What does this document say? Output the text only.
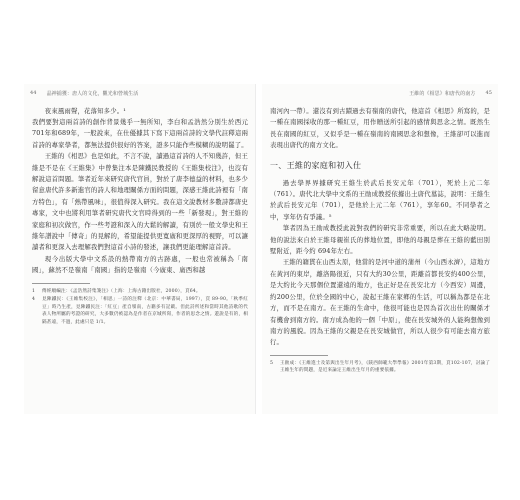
44 晶神捕獲：唐人的文化，觀光和營城生活

夜來風雨聲，花落知多少。¹

我們要對這兩首詩的創作背景幾乎一無所知，李白和孟浩然分別生於西元701年和689年，一般說來，在仕優據其下寫下這兩首詩的文學代註釋這兩首詩的專家學者，都無法提供很好的答案，證多只能作些模糊的說明罷了。

王維的《相思》也是如此，不言不說，讀過這首詩的人不知幾許，但王維是不是在《王維集》中曾集注本是陳鐵民教授的《王維集校注》，也沒有解說這首問題。筆者近年來研究唐代官員，對於了唐李德益的材料，也多少留意唐代許多新進官的詩人和地理關係方面的問題，深感王維此詩裡有「南方特色」，有「熱帶風味」，很值得深入研究。我在這文說教材多數詩都唐史專家，文中也將利用筆者研究唐代文官時得到的一些「新發現」，對王維的家庭和初次做官，作一些考證和深入的大鬆的解讀，有別於一般文學史和王維年譜說中「傳奇」的見解的，希望能提供更寬廣和更深厚的視野，可以讓讀者和更深入去理解我們對這首小詩的發述，讓我們更能理解這首詩。

現今出版大學中文系設的熱帶南方的古跡處，一般也常被稱為「南國」，蘇然不是嶺南「南國」指的是嶺南（今廣東、廣西和越

1	傅經順編注：《孟浩然詩集箋注》（上海：上海古籍出版社，2000），頁64。
4	見陳鐵民：《王維集校注》，「相思」一詩的注釋（北京：中華書局，1997），頁 89-90。「秋季紅豆」時乃生產，見陳鐵民注：「紅豆」產自嶺南，古籍多有記載。但此詩所述和當時其他詩歌的代表人物所屬的考證的研究，大多數仍被認為是作者在京城所寫，作者的思念之情。遊說是有的，相隔甚遠，不過，此處只是 1/1。
王維的《相思》和唐代的南方 45

南河內一帶）。還沒有到古蹟過去有嶺南的唐代，他這首《相思》所寫的，是一種在南國採收的那一種紅豆，用作贈送所引起的感情與思念之情。既然生長在南國的紅豆，又似乎是一種在嶺南的南國思念和想像，王維卻可以進而表現出唐代的南方文化。

一、王維的家庭和初入仕

過去學界界據研究王維生於武后長安元年（701），死於上元二年（761）。唐代北大學中文系的王勛成教授依據出土唐代墓誌，說明：王維生於武后長安元年（701），是他於上元二年（761），享年60。不同學者之中，享年仍有爭議。⁵

筆者因為王勛成教授此說對我們的研究非常重要，所以在此大略說明。他的說法來自於王維母親崔氏的葬地位置，即他的母親是葬在王維的藍田別墅附近，距今約 694年左右。

王維的籍貫在山西太原，他當的是河中道的蒲州（今山西永濟），這地方在黃河的東岸，離洛陽很近，只有大約30公里，距離首都長安約400公里，是大約比今天那個位置還遠的地方，也正好是在長安北方（今西安）周邊，約200公里，位於全國的中心，說起王維在家鄉的生活，可以稱為都是在北方，而不是在南方。在王維的生命中，他很可能也是因為首次出仕的關係才有機會到南方的。南方成為他的一個「中原」，使在長安城外的人能夠想像到南方的風貌。因為王維的父親是在長安城做官，所以人很少有可能去南方旅行。

5	王勛成：《王維進士及第與出生年月考》，《陝西師範大學學報》2001年第3期，頁102-107，討論了王維生年的問題，是近來論定王維出生年月的重要依據。
